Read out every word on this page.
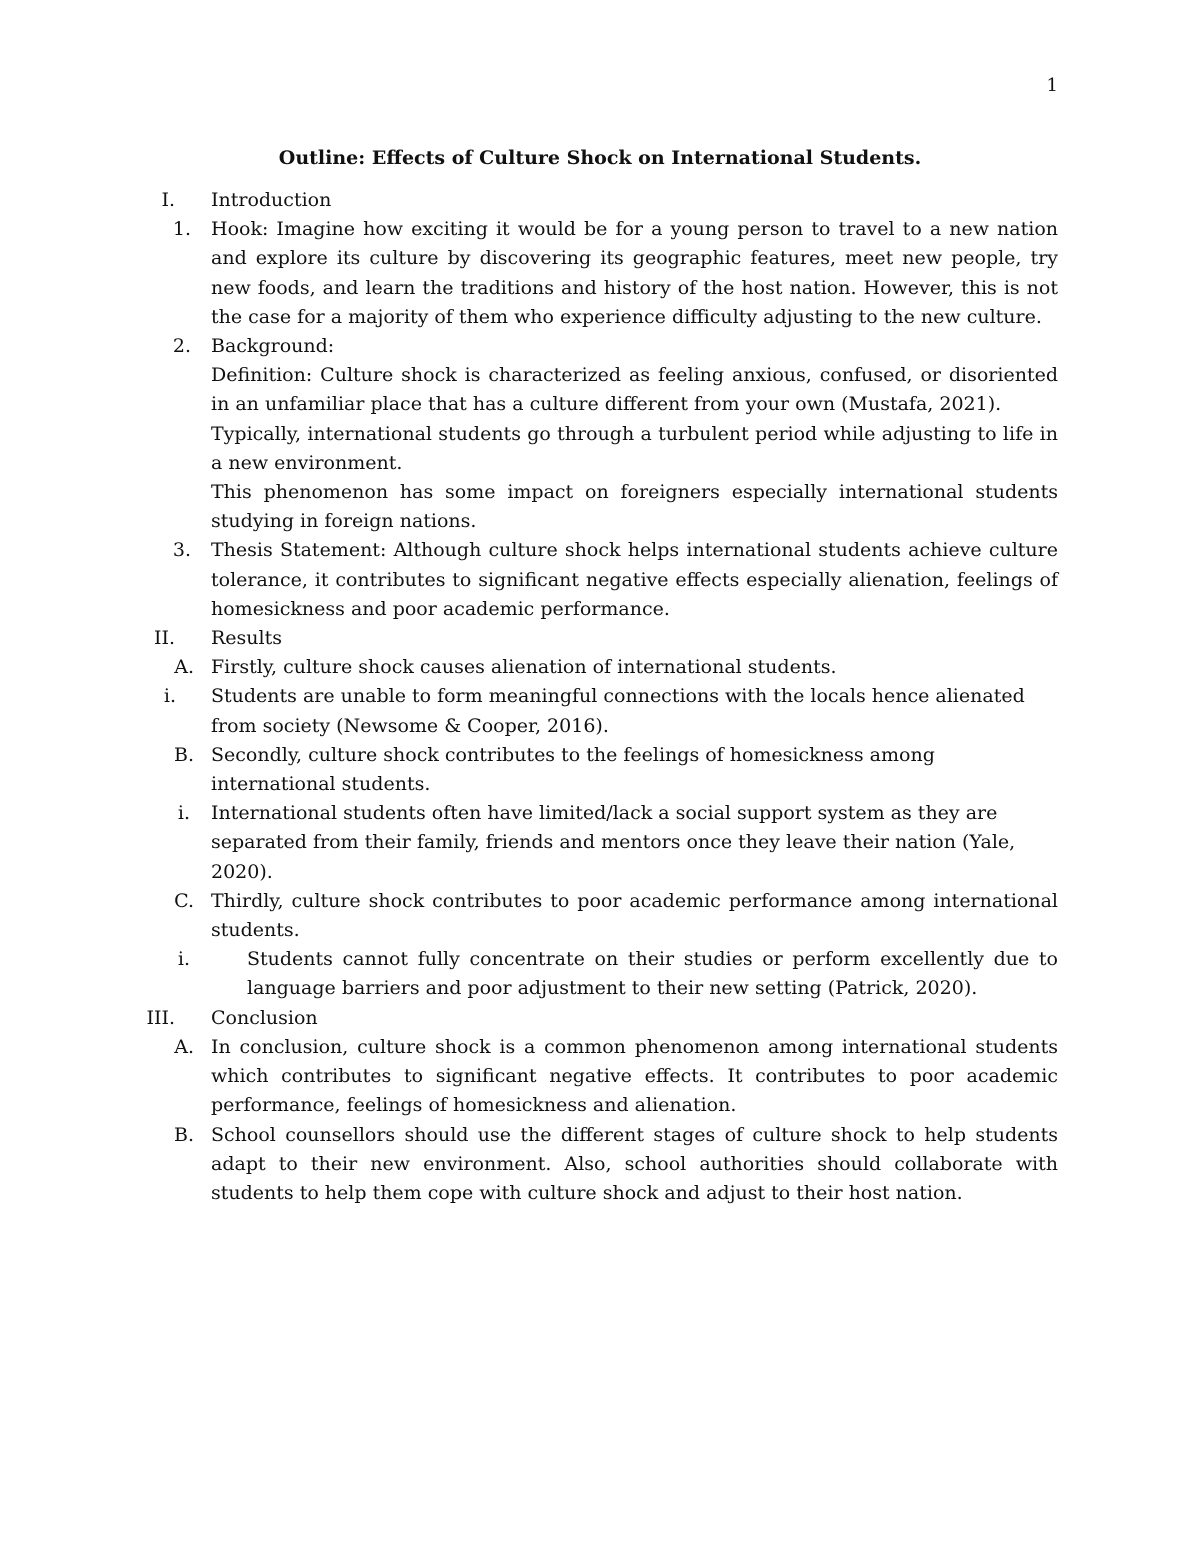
1
Outline: Effects of Culture Shock on International Students.
I. Introduction
1. Hook: Imagine how exciting it would be for a young person to travel to a new nation and explore its culture by discovering its geographic features, meet new people, try new foods, and learn the traditions and history of the host nation. However, this is not the case for a majority of them who experience difficulty adjusting to the new culture.
2. Background:
Definition: Culture shock is characterized as feeling anxious, confused, or disoriented in an unfamiliar place that has a culture different from your own (Mustafa, 2021).
Typically, international students go through a turbulent period while adjusting to life in a new environment.
This phenomenon has some impact on foreigners especially international students studying in foreign nations.
3. Thesis Statement: Although culture shock helps international students achieve culture tolerance, it contributes to significant negative effects especially alienation, feelings of homesickness and poor academic performance.
II. Results
A. Firstly, culture shock causes alienation of international students.
i. Students are unable to form meaningful connections with the locals hence alienated from society (Newsome & Cooper, 2016).
B. Secondly, culture shock contributes to the feelings of homesickness among international students.
i. International students often have limited/lack a social support system as they are separated from their family, friends and mentors once they leave their nation (Yale, 2020).
C. Thirdly, culture shock contributes to poor academic performance among international students.
i.	Students cannot fully concentrate on their studies or perform excellently due to language barriers and poor adjustment to their new setting (Patrick, 2020).
III. Conclusion
A. In conclusion, culture shock is a common phenomenon among international students which contributes to significant negative effects. It contributes to poor academic performance, feelings of homesickness and alienation.
B. School counsellors should use the different stages of culture shock to help students adapt to their new environment. Also, school authorities should collaborate with students to help them cope with culture shock and adjust to their host nation.
